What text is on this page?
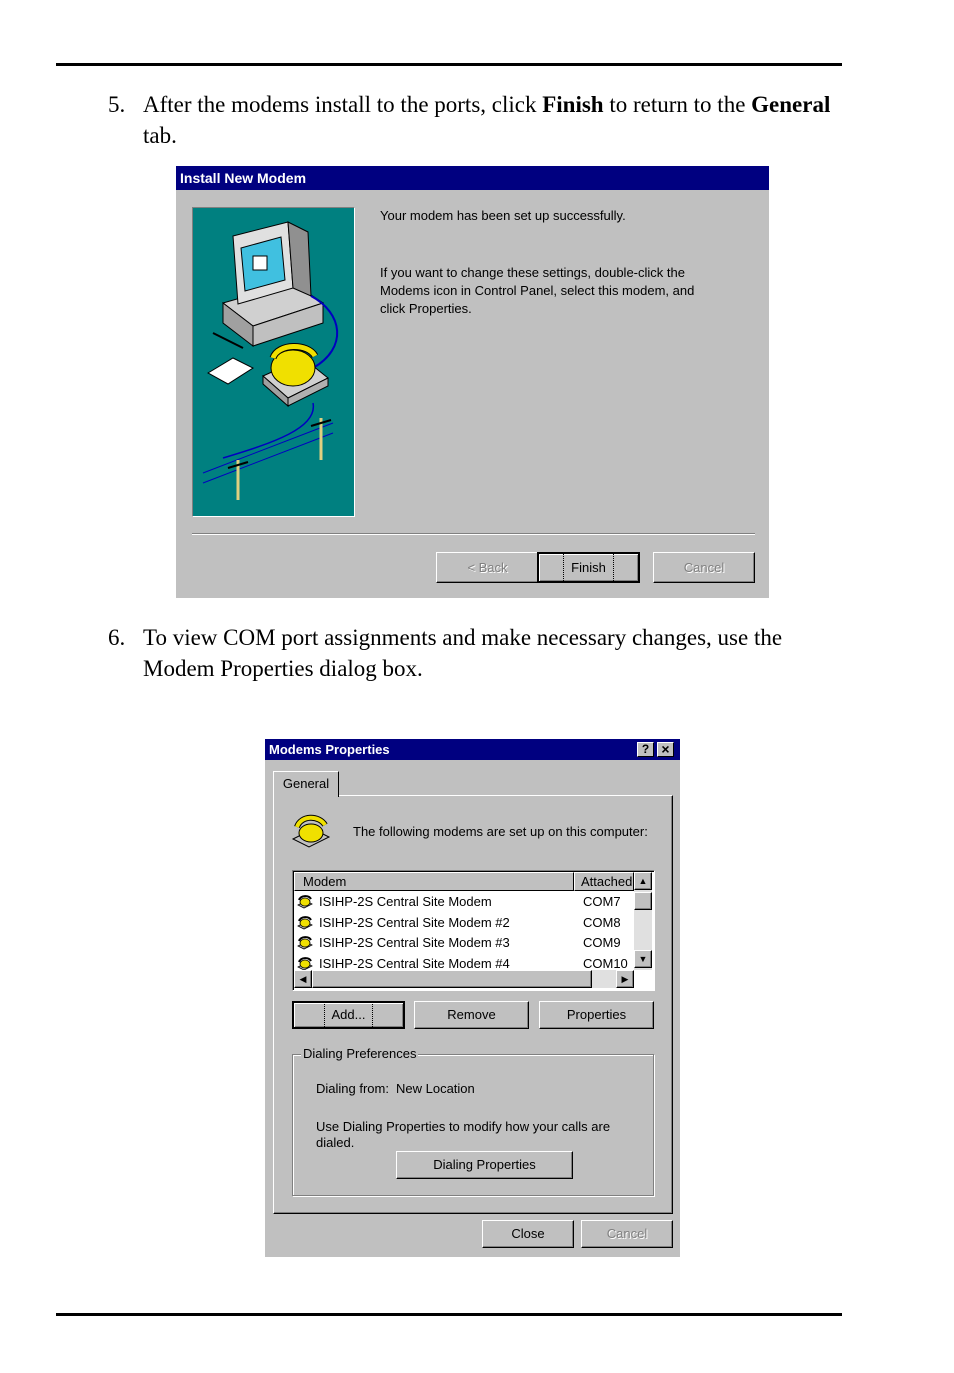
5. After the modems install to the ports, click Finish to return to the General tab.
Install New Modem
Your modem has been set up successfully.
If you want to change these settings, double-click the Modems icon in Control Panel, select this modem, and click Properties.
< Back	Finish	Cancel
6. To view COM port assignments and make necessary changes, use the Modem Properties dialog box.
Modems Properties	? ×
General
The following modems are set up on this computer:
Modem	Attached
ISIHP-2S Central Site Modem	COM7
ISIHP-2S Central Site Modem #2	COM8
ISIHP-2S Central Site Modem #3	COM9
ISIHP-2S Central Site Modem #4	COM10
▲
▼
◀	▶
Add...	Remove	Properties
Dialing Preferences
Dialing from: New Location
Use Dialing Properties to modify how your calls are dialed.
Dialing Properties
Close	Cancel
